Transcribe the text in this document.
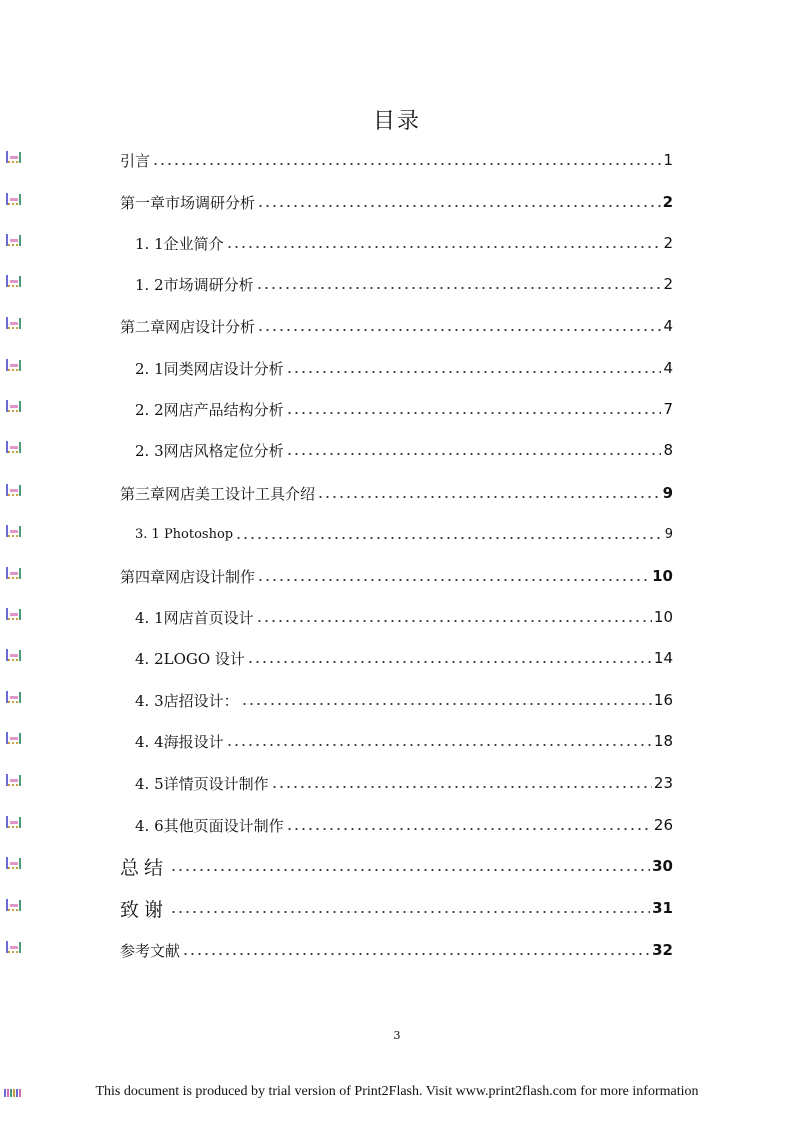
目录
引言	1
第一章市场调研分析	2
1. 1企业简介	2
1. 2市场调研分析	2
第二章网店设计分析	4
2. 1同类网店设计分析	4
2. 2网店产品结构分析	7
2. 3网店风格定位分析	8
第三章网店美工设计工具介绍	9
3. 1 Photoshop	9
第四章网店设计制作	10
4. 1网店首页设计	10
4. 2LOGO 设计	14
4. 3店招设计：	16
4. 4海报设计	18
4. 5详情页设计制作	23
4. 6其他页面设计制作	26
总结	30
致谢	31
参考文献	32
3
This document is produced by trial version of Print2Flash. Visit www.print2flash.com for more information
